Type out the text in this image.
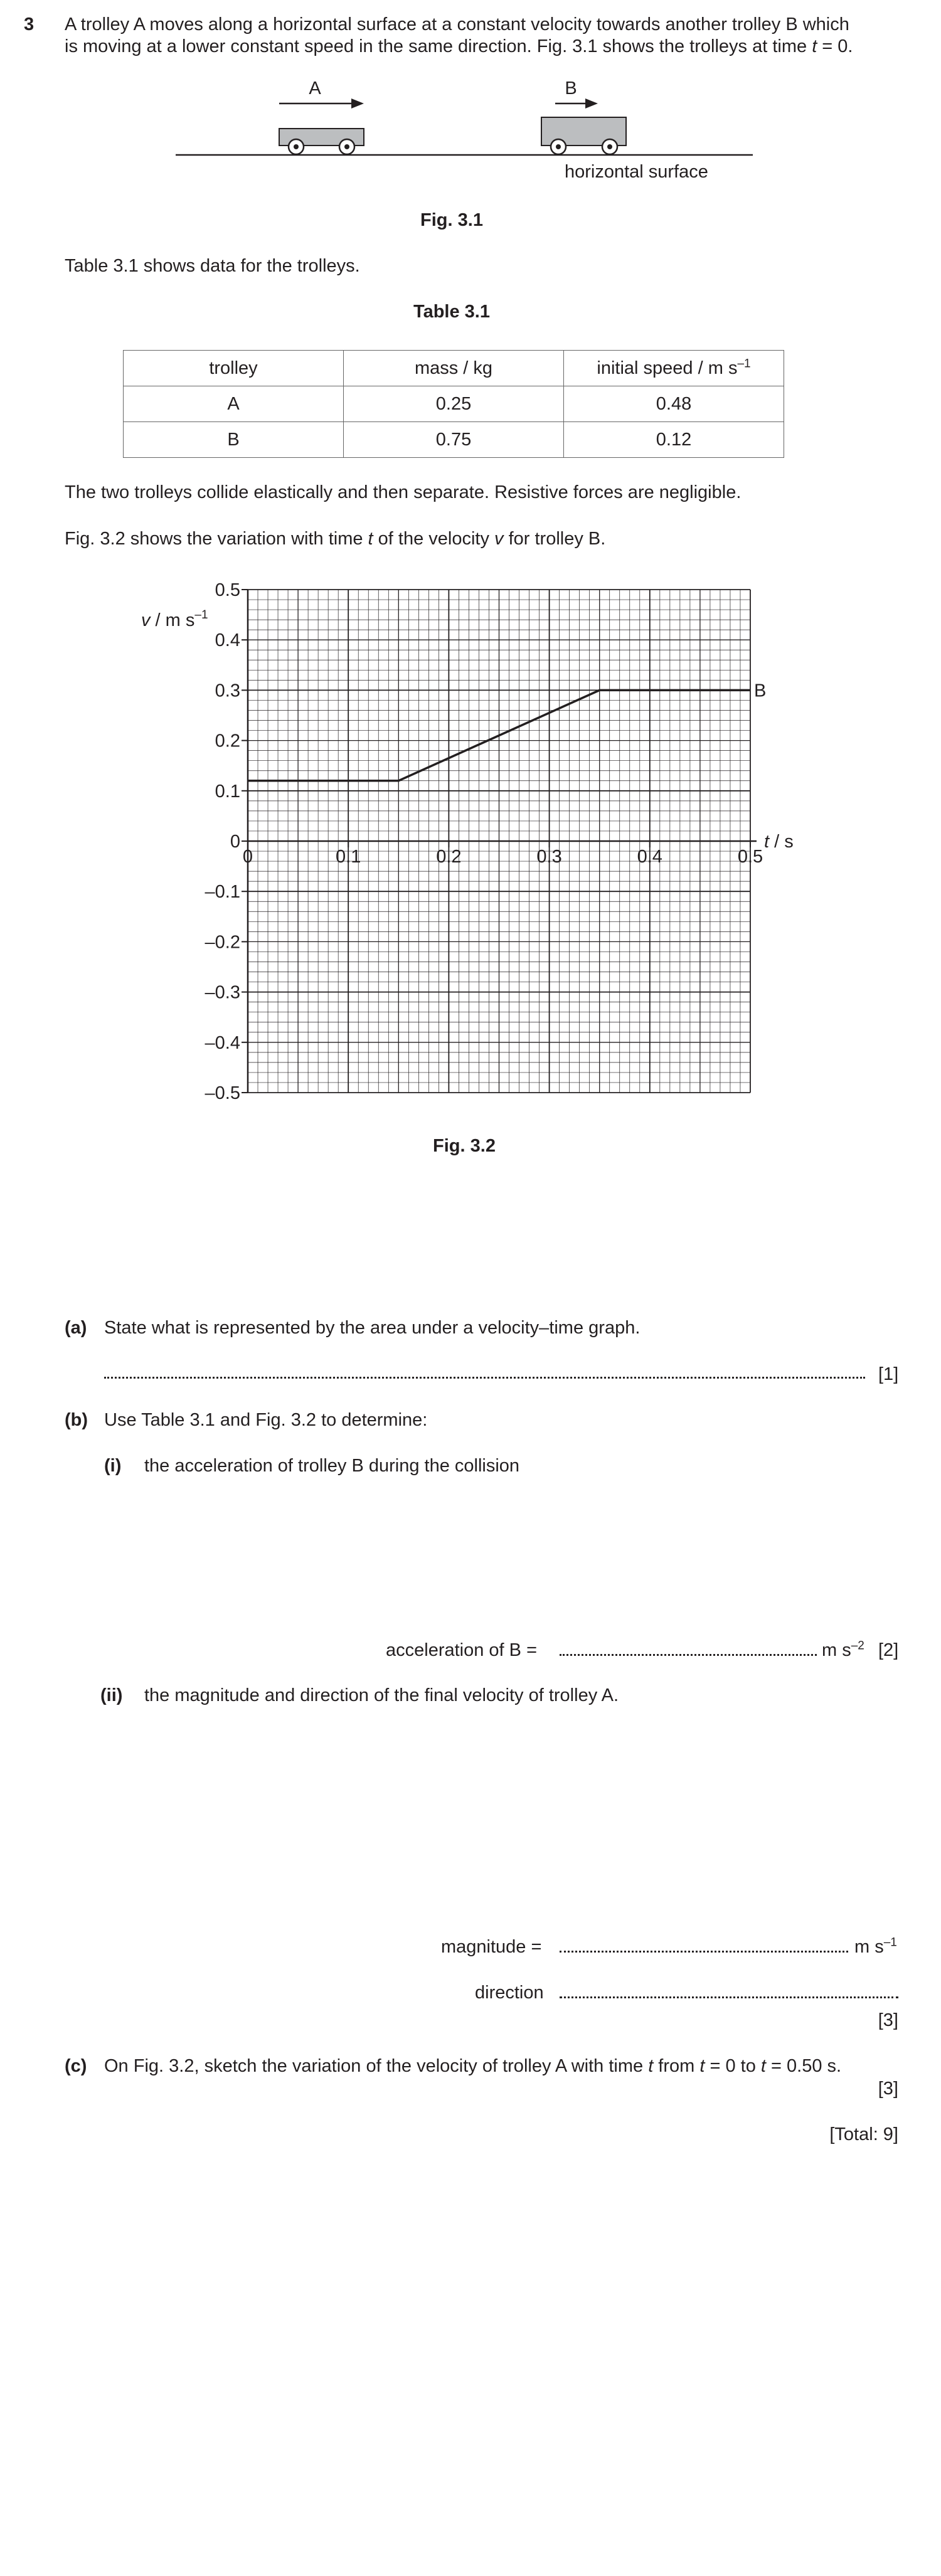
3 A trolley A moves along a horizontal surface at a constant velocity towards another trolley B which
is moving at a lower constant speed in the same direction. Fig. 3.1 shows the trolleys at time t = 0.
A	B
horizontal surface
Fig. 3.1
Table 3.1 shows data for the trolleys.
Table 3.1
trolley	mass / kg	initial speed / m $s^{-1}$
A	0.25	0.48
B	0.75	0.12
The two trolleys collide elastically and then separate. Resistive forces are negligible.
Fig. 3.2 shows the variation with time t of the velocity v for trolley B.
0.5
0.4
0.3
0.2
0.1
0
–0.1
–0.2
–0.3
–0.4
–0.5
0	0.1	0.2	0.3	0.4	0.5
v / m $s^{-1}$
t / s
B
Fig. 3.2
(a) State what is represented by the area under a velocity–time graph.
[1]
(b) Use Table 3.1 and Fig. 3.2 to determine:
(i) the acceleration of trolley B during the collision
acceleration of B =	m $s^{-2}$ [2]
(ii) the magnitude and direction of the final velocity of trolley A.
magnitude =	m $s^{-1}$
direction
[3]
(c) On Fig. 3.2, sketch the variation of the velocity of trolley A with time t from t = 0 to t = 0.50 s.
[3]
[Total: 9]
